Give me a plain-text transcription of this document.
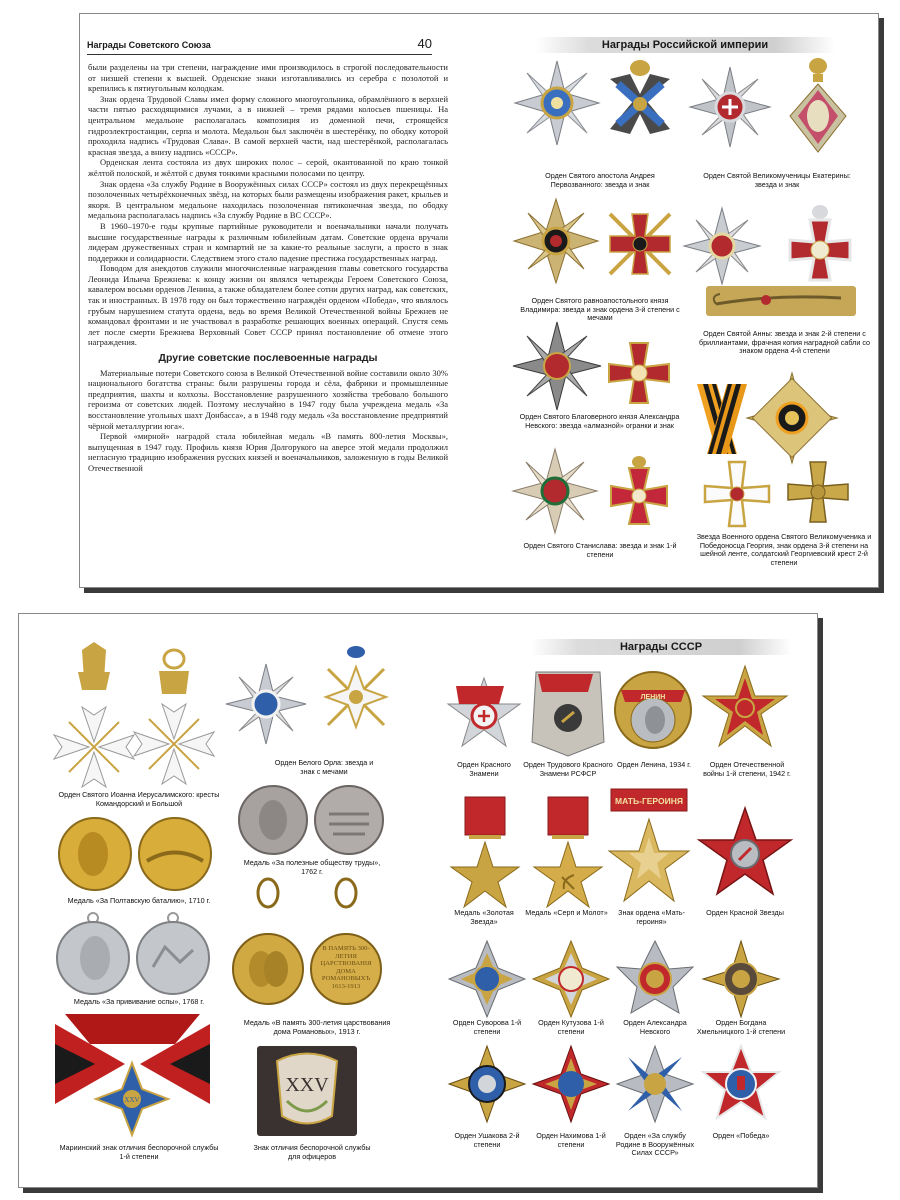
Награды Советского Союза	40

были разделены на три степени, награждение ими производилось в строгой последовательности от низшей степени к высшей. Орденские знаки изготавливались из серебра с позолотой и крепились к пятиугольным колодкам.

Знак ордена Трудовой Славы имел форму сложного многоугольника, обрамлённого в верхней части пятью расходящимися лучами, а в нижней – тремя рядами колосьев пшеницы. На центральном медальоне располагалась композиция из доменной печи, строящейся гидроэлектростанции, серпа и молота. Медальон был заключён в шестерёнку, по ободку которой проходила надпись «Трудовая Слава». В самой верхней части, над шестерёнкой, располагалась красная звезда, а внизу надпись «СССР».

Орденская лента состояла из двух широких полос – серой, окантованной по краю тонкой жёлтой полоской, и жёлтой с двумя тонкими красными полосами по центру.

Знак ордена «За службу Родине в Вооружённых силах СССР» состоял из двух перекрещённых позолоченных четырёхконечных звёзд, на которых были размещены изображения ракет, крыльев и якоря. В центральном медальоне находилась позолоченная пятиконечная звезда, по ободку медальона располагалась надпись «За службу Родине в ВС СССР».

В 1960–1970-е годы крупные партийные руководители и военачальники начали получать высшие государственные награды к различным юбилейным датам. Советские ордена вручали лидерам дружественных стран и компартий не за какие-то реальные заслуги, а просто в знак поддержки и солидарности. Следствием этого стало падение престижа государственных наград.

Поводом для анекдотов служили многочисленные награждения главы советского государства Леонида Ильича Брежнева: к концу жизни он являлся четырежды Героем Советского Союза, кавалером восьми орденов Ленина, а также обладателем более сотни других наград, как советских, так и иностранных. В 1978 году он был торжественно награждён орденом «Победа», что являлось грубым нарушением статута ордена, ведь во время Великой Отечественной войны Брежнев не командовал фронтами и не участвовал в разработке решающих военных операций. Спустя семь лет после смерти Брежнева Верховный Совет СССР принял постановление об отмене этого награждения.

Другие советские послевоенные награды

Материальные потери Советского союза в Великой Отечественной войне составили около 30% национального богатства страны: были разрушены города и сёла, фабрики и промышленные предприятия, шахты и колхозы. Восстановление разрушенного хозяйства требовало большого героизма от советских людей. Поэтому неслучайно в 1947 году была учреждена медаль «За восстановление угольных шахт Донбасса», а в 1948 году медаль «За восстановление предприятий чёрной металлургии юга».

Первой «мирной» наградой стала юбилейная медаль «В память 800-летия Москвы», выпущенная в 1947 году. Профиль князя Юрия Долгорукого на аверсе этой медали продолжил негласную традицию изображения русских князей и военачальников, заложенную в годы Великой Отечественной

Награды Российской империи
Орден Святого апостола Андрея Первозванного: звезда и знак
Орден Святой Великомученицы Екатерины: звезда и знак
Орден Святого равноапостольного князя Владимира: звезда и знак ордена 3-й степени с мечами
Орден Святой Анны: звезда и знак 2-й степени с бриллиантами, фрачная копия наградной сабли со знаком ордена 4-й степени
Орден Святого Благоверного князя Александра Невского: звезда «алмазной» огранки и знак
Орден Святого Станислава: звезда и знак 1-й степени
Звезда Военного ордена Святого Великомученика и Победоносца Георгия, знак ордена 3-й степени на шейной ленте, солдатский Георгиевский крест 2-й степени
Орден Святого Иоанна Иерусалимского: кресты Командорский и Большой
Медаль «За Полтавскую баталию», 1710 г.
Медаль «За прививание оспы», 1768 г.
XXV
Мариинский знак отличия беспорочной службы 1-й степени
Орден Белого Орла: звезда и знак с мечами
Медаль «За полезные обществу труды», 1762 г.
В ПАМЯТЬ 300-ЛЕТИЯ ЦАРСТВОВАНІЯ ДОМА РОМАНОВЫХЪ 1613-1913
Медаль «В память 300-летия царствования дома Романовых», 1913 г.
XXV
Знак отличия беспорочной службы для офицеров
Награды СССР
Орден Красного Знамени
Орден Трудового Красного Знамени РСФСР
ЛЕНИН
Орден Ленина, 1934 г.	Орден Отечественной войны 1-й степени, 1942 г.
Медаль «Золотая Звезда»
Медаль «Серп и Молот»
МАТЬ-ГЕРОИНЯ
Знак ордена «Мать-героиня»
Орден Красной Звезды
Орден Суворова 1-й степени
Орден Кутузова 1-й степени
Орден Александра Невского
Орден Богдана Хмельницкого 1-й степени
Орден Ушакова 2-й степени
Орден Нахимова 1-й степени
Орден «За службу Родине в Вооружённых Силах СССР»
Орден «Победа»
